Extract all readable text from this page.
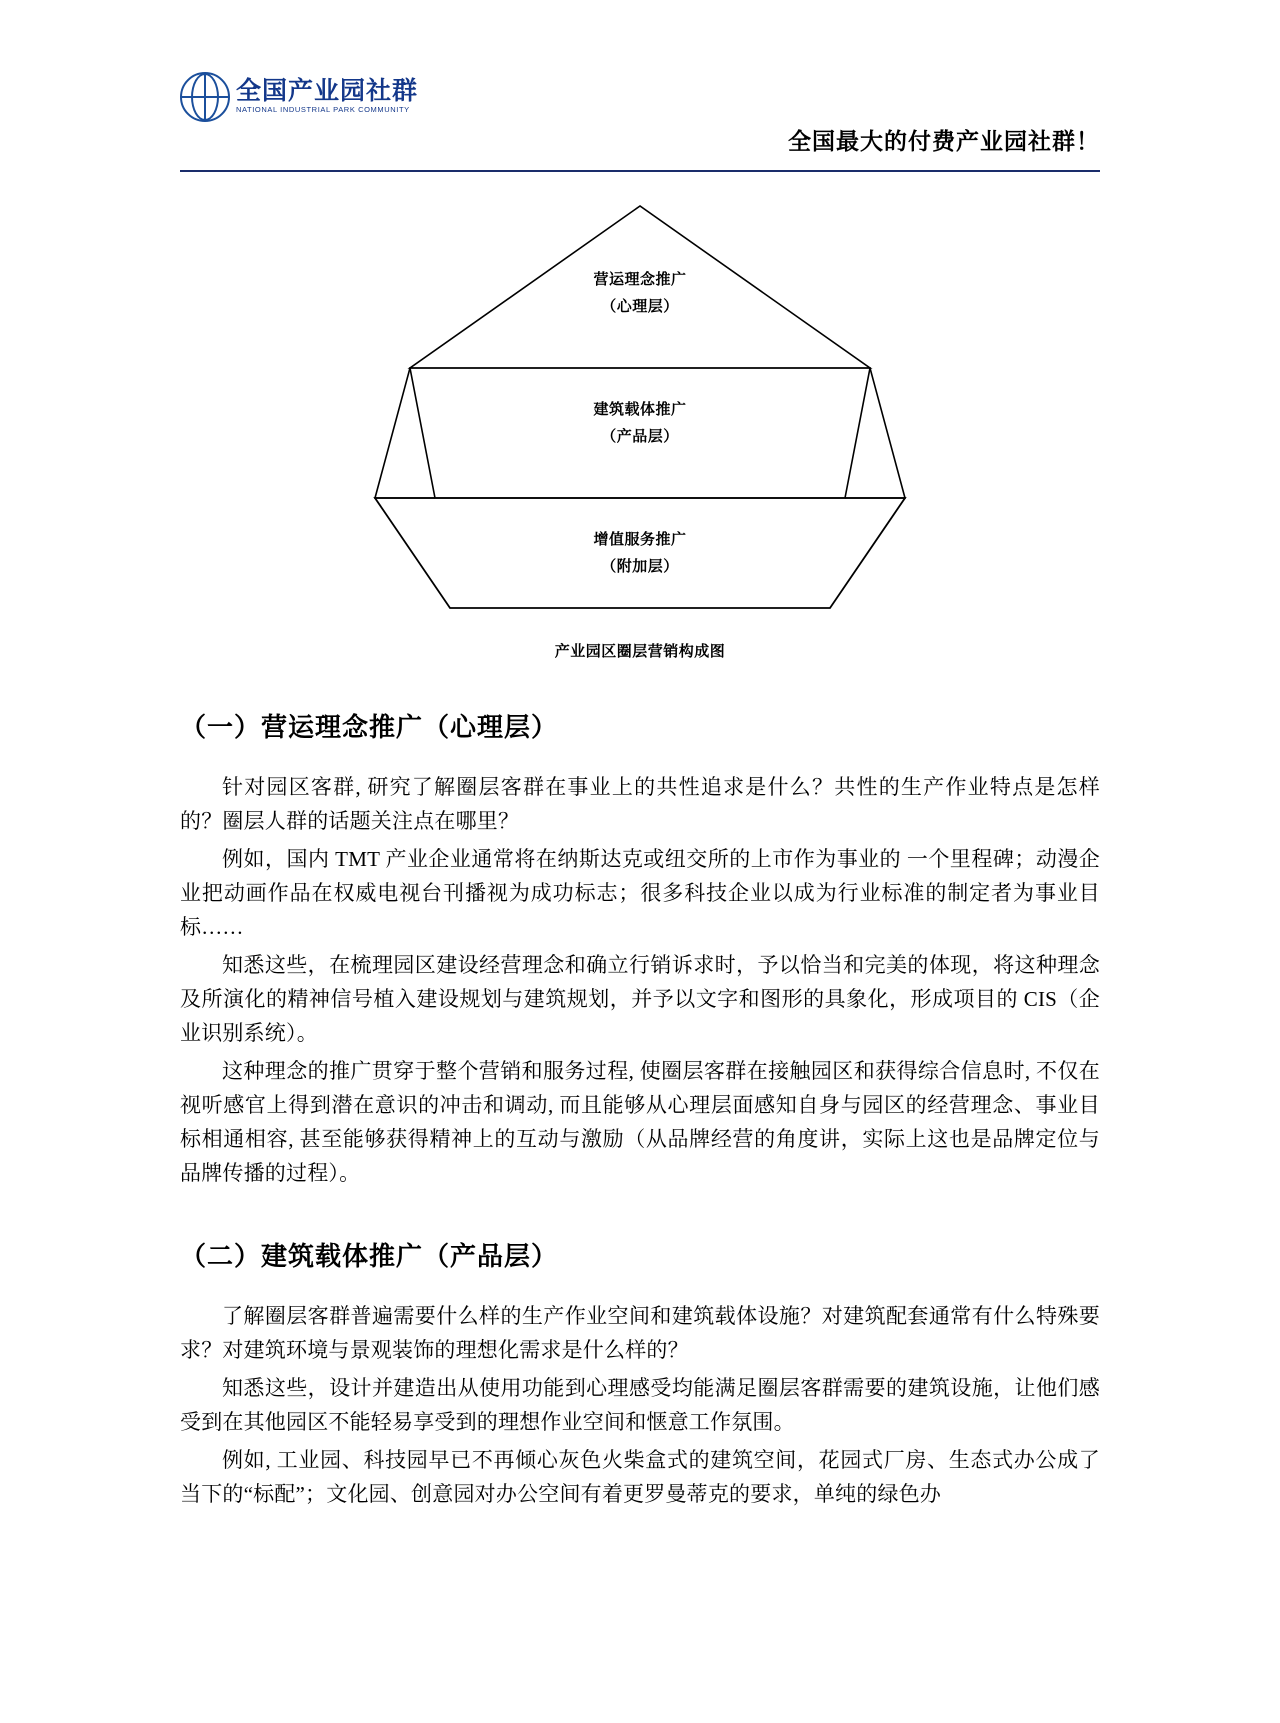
全国产业园社群
NATIONAL INDUSTRIAL PARK COMMUNITY
全国最大的付费产业园社群！
营运理念推广
（心理层）
建筑载体推广
（产品层）
增值服务推广
（附加层）
产业园区圈层营销构成图
（一）营运理念推广（心理层）

针对园区客群, 研究了解圈层客群在事业上的共性追求是什么？共性的生产作业特点是怎样的？圈层人群的话题关注点在哪里？

例如，国内 TMT 产业企业通常将在纳斯达克或纽交所的上市作为事业的 一个里程碑；动漫企业把动画作品在权威电视台刊播视为成功标志；很多科技企业以成为行业标准的制定者为事业目标……

知悉这些，在梳理园区建设经营理念和确立行销诉求时，予以恰当和完美的体现，将这种理念及所演化的精神信号植入建设规划与建筑规划，并予以文字和图形的具象化，形成项目的 CIS（企业识别系统）。

这种理念的推广贯穿于整个营销和服务过程, 使圈层客群在接触园区和获得综合信息时, 不仅在视听感官上得到潜在意识的冲击和调动, 而且能够从心理层面感知自身与园区的经营理念、事业目标相通相容, 甚至能够获得精神上的互动与激励（从品牌经营的角度讲，实际上这也是品牌定位与品牌传播的过程）。

（二）建筑载体推广（产品层）

了解圈层客群普遍需要什么样的生产作业空间和建筑载体设施？对建筑配套通常有什么特殊要求？对建筑环境与景观装饰的理想化需求是什么样的？

知悉这些，设计并建造出从使用功能到心理感受均能满足圈层客群需要的建筑设施，让他们感受到在其他园区不能轻易享受到的理想作业空间和惬意工作氛围。

例如, 工业园、科技园早已不再倾心灰色火柴盒式的建筑空间，花园式厂房、生态式办公成了当下的“标配”；文化园、创意园对办公空间有着更罗曼蒂克的要求，单纯的绿色办
